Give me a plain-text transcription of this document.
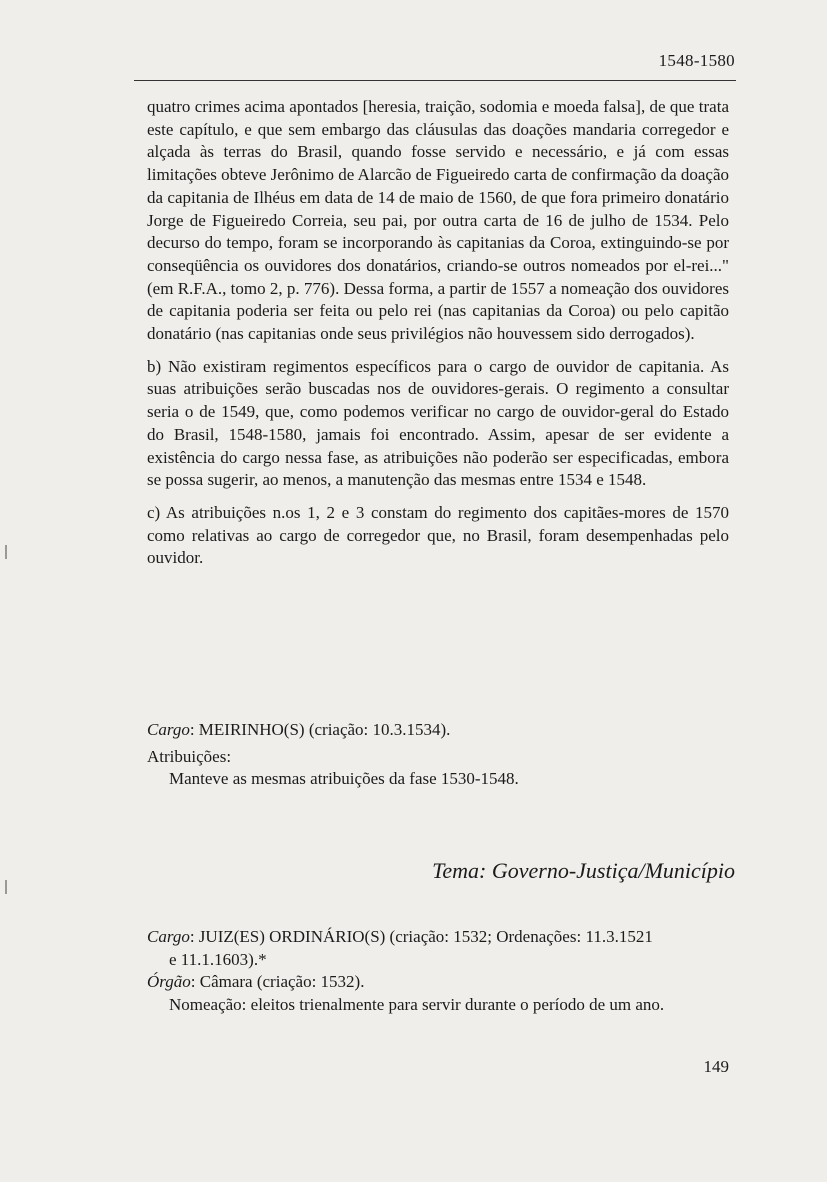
1548-1580

quatro crimes acima apontados [heresia, traição, sodomia e moeda falsa], de que trata este capítulo, e que sem embargo das cláusulas das doações mandaria corregedor e alçada às terras do Brasil, quando fosse servido e necessário, e já com essas limitações obteve Jerônimo de Alarcão de Figueiredo carta de confirmação da doação da capitania de Ilhéus em data de 14 de maio de 1560, de que fora primeiro donatário Jorge de Figueiredo Correia, seu pai, por outra carta de 16 de julho de 1534. Pelo decurso do tempo, foram se incorporando às capitanias da Coroa, extinguindo-se por conseqüência os ouvidores dos donatários, criando-se outros nomeados por el-rei..." (em R.F.A., tomo 2, p. 776). Dessa forma, a partir de 1557 a nomeação dos ouvidores de capitania poderia ser feita ou pelo rei (nas capitanias da Coroa) ou pelo capitão donatário (nas capitanias onde seus privilégios não houvessem sido derrogados).

b) Não existiram regimentos específicos para o cargo de ouvidor de capitania. As suas atribuições serão buscadas nos de ouvidores-gerais. O regimento a consultar seria o de 1549, que, como podemos verificar no cargo de ouvidor-geral do Estado do Brasil, 1548-1580, jamais foi encontrado. Assim, apesar de ser evidente a existência do cargo nessa fase, as atribuições não poderão ser especificadas, embora se possa sugerir, ao menos, a manutenção das mesmas entre 1534 e 1548.

c) As atribuições n.os 1, 2 e 3 constam do regimento dos capitães-mores de 1570 como relativas ao cargo de corregedor que, no Brasil, foram desempenhadas pelo ouvidor.

Cargo: MEIRINHO(S) (criação: 10.3.1534).
Atribuições:
Manteve as mesmas atribuições da fase 1530-1548.
Tema: Governo-Justiça/Município
Cargo: JUIZ(ES) ORDINÁRIO(S) (criação: 1532; Ordenações: 11.3.1521
e 11.1.1603).*
Órgão: Câmara (criação: 1532).
Nomeação: eleitos trienalmente para servir durante o período de um ano.
149
